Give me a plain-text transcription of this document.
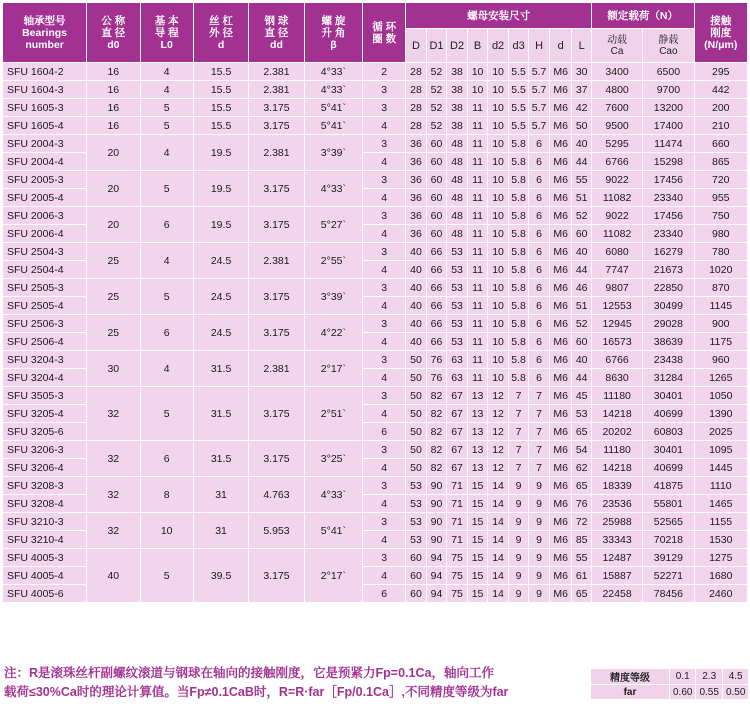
轴承型号
Bearings
number	公 称
直 径
d0	基 本
导 程
L0	丝 杠
外 径
d	钢 球
直 径
dd	螺 旋
升 角
β	循 环
圈 数	螺母安装尺寸									额定载荷（N）		接触
刚度
(N/μm)
							D	D1	D2	B	d2	d3	H	d	L	动载
Ca	静载
Cao	
SFU 1604-2	16	4	15.5	2.381	4°33`	2	28	52	38	10	10	5.5	5.7	M6	30	3400	6500	295
SFU 1604-3	16	4	15.5	2.381	4°33`	3	28	52	38	10	10	5.5	5.7	M6	37	4800	9700	442
SFU 1605-3	16	5	15.5	3.175	5°41`	3	28	52	38	11	10	5.5	5.7	M6	42	7600	13200	200
SFU 1605-4	16	5	15.5	3.175	5°41`	4	28	52	38	11	10	5.5	5.7	M6	50	9500	17400	210
SFU 2004-3	20	4	19.5	2.381	3°39`	3	36	60	48	11	10	5.8	6	M6	40	5295	11474	660
SFU 2004-4						4	36	60	48	11	10	5.8	6	M6	44	6766	15298	865
SFU 2005-3	20	5	19.5	3.175	4°33`	3	36	60	48	11	10	5.8	6	M6	55	9022	17456	720
SFU 2005-4						4	36	60	48	11	10	5.8	6	M6	51	11082	23340	955
SFU 2006-3	20	6	19.5	3.175	5°27`	3	36	60	48	11	10	5.8	6	M6	52	9022	17456	750
SFU 2006-4						4	36	60	48	11	10	5.8	6	M6	60	11082	23340	980
SFU 2504-3	25	4	24.5	2.381	2°55`	3	40	66	53	11	10	5.8	6	M6	40	6080	16279	780
SFU 2504-4						4	40	66	53	11	10	5.8	6	M6	44	7747	21673	1020
SFU 2505-3	25	5	24.5	3.175	3°39`	3	40	66	53	11	10	5.8	6	M6	46	9807	22850	870
SFU 2505-4						4	40	66	53	11	10	5.8	6	M6	51	12553	30499	1145
SFU 2506-3	25	6	24.5	3.175	4°22`	3	40	66	53	11	10	5.8	6	M6	52	12945	29028	900
SFU 2506-4						4	40	66	53	11	10	5.8	6	M6	60	16573	38639	1175
SFU 3204-3	30	4	31.5	2.381	2°17`	3	50	76	63	11	10	5.8	6	M6	40	6766	23438	960
SFU 3204-4						4	50	76	63	11	10	5.8	6	M6	44	8630	31284	1265
SFU 3505-3	32	5	31.5	3.175	2°51`	3	50	82	67	13	12	7	7	M6	45	11180	30401	1050
SFU 3205-4						4	50	82	67	13	12	7	7	M6	53	14218	40699	1390
SFU 3205-6						6	50	82	67	13	12	7	7	M6	65	20202	60803	2025
SFU 3206-3	32	6	31.5	3.175	3°25`	3	50	82	67	13	12	7	7	M6	54	11180	30401	1095
SFU 3206-4						4	50	82	67	13	12	7	7	M6	62	14218	40699	1445
SFU 3208-3	32	8	31	4.763	4°33`	3	53	90	71	15	14	9	9	M6	65	18339	41875	1110
SFU 3208-4						4	53	90	71	15	14	9	9	M6	76	23536	55801	1465
SFU 3210-3	32	10	31	5.953	5°41`	3	53	90	71	15	14	9	9	M6	72	25988	52565	1155
SFU 3210-4						4	53	90	71	15	14	9	9	M6	85	33343	70218	1530
SFU 4005-3	40	5	39.5	3.175	2°17`	3	60	94	75	15	14	9	9	M6	55	12487	39129	1275
SFU 4005-4						4	60	94	75	15	14	9	9	M6	61	15887	52271	1680
SFU 4005-6						6	60	94	75	15	14	9	9	M6	65	22458	78456	2460
注：R是滚珠丝杆副螺纹滚道与钢球在轴向的接触刚度，它是预紧力Fp=0.1Ca，轴向工作
载荷≤30%Ca时的理论计算值。当Fp≠0.1CaB时，R=R·far［Fp/0.1Ca］,不同精度等级为far
精度等级	0.1	2.3	4.5
far	0.60	0.55	0.50
